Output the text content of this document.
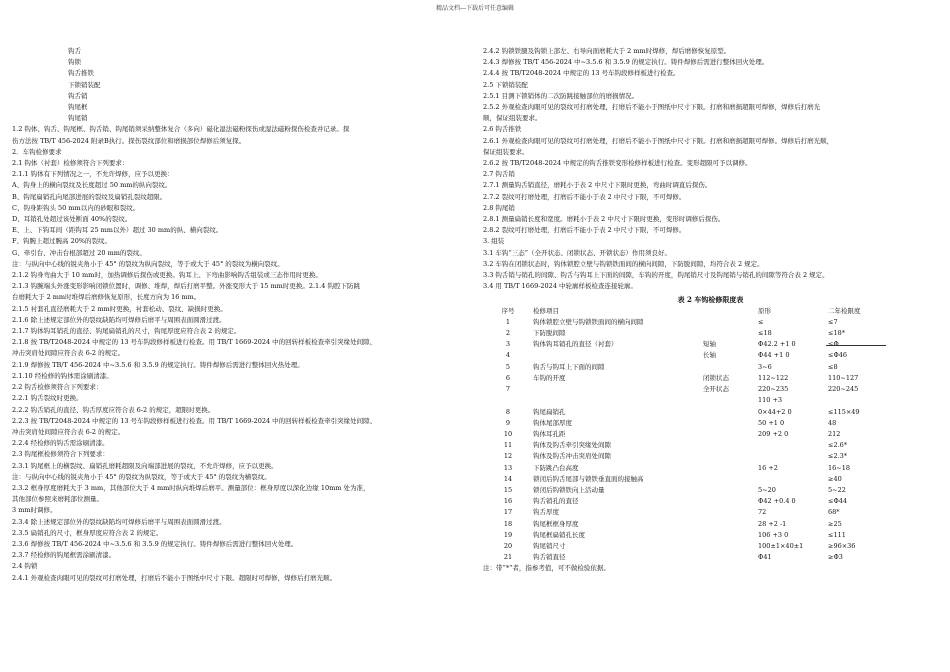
精品文档---下载后可任意编辑
钩舌
钩锁
钩舌推铁
下锁销装配
钩舌销
钩尾框
钩尾销
1.2 钩体、钩舌、钩尾框、钩舌销、钩尾销须采纳整体复合（多向）磁化湿法磁粉探伤或湿法磁粉探伤检查并记录。探
伤方法按 TB/T 456-2024 附录B执行。探伤裂纹部位和磨损部位焊修后须复探。
2．车钩检修要求
2.1 钩体（衬套）检修须符合下列要求：
2.1.1 钩体有下列情况之一，不允许焊修，应予以更换：
A、钩身上的横向裂纹及长度超过 50 mm的纵向裂纹。
B、钩尾扁销孔向尾部进展的裂纹及扁销孔裂纹超限。
C、钩身距钩头 50 mm以内的砂眼和裂纹。
D、耳销孔处超过该处断面 40%的裂纹。
E、上、下钩耳间（距钩耳 25 mm以外）超过 30 mm的纵、横向裂纹。
F、钩腕上超过腕高 20%的裂纹。
G、牵引台、冲击台根部超过 20 mm的裂纹。
注：与纵向中心线的锐夹角小于 45° 的裂纹为纵向裂纹，等于或大于 45° 的裂纹为横向裂纹。
2.1.2 钩身弯曲大于 10 mm时，加热调修后探伤或更换。钩耳上、下弯曲影响钩舌组装或三态作用时更换。
2.1.3 钩腕端头外涨变形影响闭锁位置时，调修、堆焊，焊后打磨平整。外涨变形大于 15 mm时更换。2.1.4 钩腔下防跳
台磨耗大于 2 mm时堆焊后磨修恢复原形，长度方向为 16 mm。
2.1.5 衬套孔直径磨耗大于 2 mm时更换，衬套松动、裂纹、缺损时更换。
2.1.6 除上述规定部位外的裂纹缺陷均可焊修后磨平与周围表面圆滑过渡。
2.1.7 钩体钩耳销孔的直径、钩尾扁销孔的尺寸，钩尾厚度应符合表 2 的规定。
2.1.8 按 TB/T2048-2024 中规定的 13 号车钩段修样板进行检查。用 TB/T 1669-2024 中的回转样板检查牵引突缘处间隙、
冲击突肩处间隙应符合表 6-2 的规定。
2.1.9 焊修按 TB/T 456-2024 中~3.5.6 和 3.5.9 的规定执行。铸件焊修后需进行整体回火热处理。
2.1.10 经检修的钩体需涂刷清漆。
2.2 钩舌检修须符合下列要求：
2.2.1 钩舌裂纹时更换。
2.2.2 钩舌销孔的直径、钩舌厚度应符合表 6-2 的规定，超限时更换。
2.2.3 按 TB/T2048-2024 中规定的 13 号车钩段修样板进行检查。用 TB/T 1669-2024 中的回转样板检查牵引突缘处间隙、
冲击突肩处间隙应符合表 6-2 的规定。
2.2.4 经检修的钩舌需涂刷清漆。
2.3 钩尾框检修须符合下列要求：
2.3.1 钩尾框上的横裂纹、扁销孔磨耗超限及向端部进展的裂纹，不允许焊修，应予以更换。
注：与纵向中心线的锐夹角小于 45° 的裂纹为纵裂纹，等于或大于 45° 的裂纹为横裂纹。
2.3.2 框身厚度磨耗大于 3 mm，其他部位大于 4 mm时纵向堆焊后磨平。测量部位：框身厚度以深化边缘 10mm 处为准，
其他部位参照来磨耗部位测量。
3 mm时调修。
2.3.4 除上述规定部位外的裂纹缺陷均可焊修后磨平与周围表面圆滑过渡。
2.3.5 扁销孔的尺寸，框身厚度应符合表 2 的规定。
2.3.6 焊修按 TB/T 456-2024 中~3.5.6 和 3.5.9 的规定执行。铸件焊修后需进行整体回火处理。
2.3.7 经检修的钩尾框需涂刷清漆。
2.4 钩锁
2.4.1 外观检查肉眼可见的裂纹可打磨处理，打磨后不能小于图纸中尺寸下限。超限时可焊修，焊修后打磨光顺。
2.4.2 钩锁铁腿及钩锁上部左、右导向面磨耗大于 2 mm时焊修，焊后磨修恢复原型。
2.4.3 焊修按 TB/T 456-2024 中~3.5.6 和 3.5.9 的规定执行。铸件焊修后需进行整体回火处理。
2.4.4 按 TB/T2048-2024 中规定的 13 号车钩段修样板进行检查。
2.5 下锁销装配
2.5.1 目测下锁销体的二次防跳接触部位的磨损情况。
2.5.2 外观检查肉眼可见的裂纹可打磨处理，打磨后不能小于图纸中尺寸下限。打磨和磨损超限可焊修，焊修后打磨光
顺，保证组装要求。
2.6 钩舌推铁
2.6.1 外观检查肉眼可见的裂纹可打磨处理，打磨后不能小于图纸中尺寸下限。打磨和磨损超限可焊修。焊修后打磨光顺，
保证组装要求。
2.6.2 按 TB/T2048-2024 中规定的钩舌推铁变形检修样板进行检查。变形超限可予以调修。
2.7 钩舌销
2.7.1 测量钩舌销直径，磨耗小于表 2 中尺寸下限时更换，弯曲时调直后探伤。
2.7.2 裂纹可打磨处理，打磨后不能小于表 2 中尺寸下限，不可焊修。
2.8 钩尾销
2.8.1 测量扁销长度和宽度。磨耗小于表 2 中尺寸下限时更换，变形时调修后探伤。
2.8.2 裂纹可打磨处理，打磨后不能小于表 2 中尺寸下限，不可焊修。
3. 组装
3.1 车钩“三态”（全开状态、闭锁状态、开锁状态）作用须良好。
3.2 车钩在闭锁状态时，钩体锁腔立壁与钩锁铁面间的横向间隙，下防脱间隙，均符合表 2 规定。
3.3 钩舌销与销孔的间隙、钩舌与钩耳上下面的间隙，车钩的开度，钩尾销尺寸及钩尾销与销孔的间隙等符合表 2 规定。
3.4 用 TB/T 1669-2024 中轮廓样板检查连接轮廓。
表 2 车钩检修限度表
序号	检修项目		原形	二年检限度
1	钩体锁腔立壁与钩锁铁面间的横向间隙		≤	≤7
2	下防脱间隙		≤18	≤18*
3	钩体钩耳销孔的直径（衬套）	短轴	Φ42.2 +1 0	≤Φ
4		长轴	Φ44 +1 0	≤Φ46
5	钩舌与钩耳上下面的间隙		3~6	≤8
6	车钩的开度	闭锁状态	112~122	110~127
7		全开状态	220~235	220~245
			110 +3	
8	钩尾扁销孔		0×44+2 0	≤115×49
9	钩体尾部厚度		50 +1 0	48
10	钩体耳孔距		209 +2 0	212
11	钩体及钩舌牵引突缘处间隙			≤2.6*
12	钩体及钩舌冲击突肩处间隙			≤2.3*
13	下防跳凸台高度		16 +2	16~18
14	锁闭后钩舌尾部与锁铁垂直面的接触高			≥40
15	锁闭后钩锁铁向上活动量		5~20	5~22
16	钩舌销孔的直径		Φ42 +0.4 0	≤Φ44
17	钩舌厚度		72	68*
18	钩尾框框身厚度		28 +2 -1	≥25
19	钩尾框扁销孔长度		106 +3 0	≤111
20	钩尾销尺寸		100±1×40±1	≥96×36
21	钩舌销直径		Φ41	≥Φ3
注：带“*”者，指参考值，可不做检验依据。
